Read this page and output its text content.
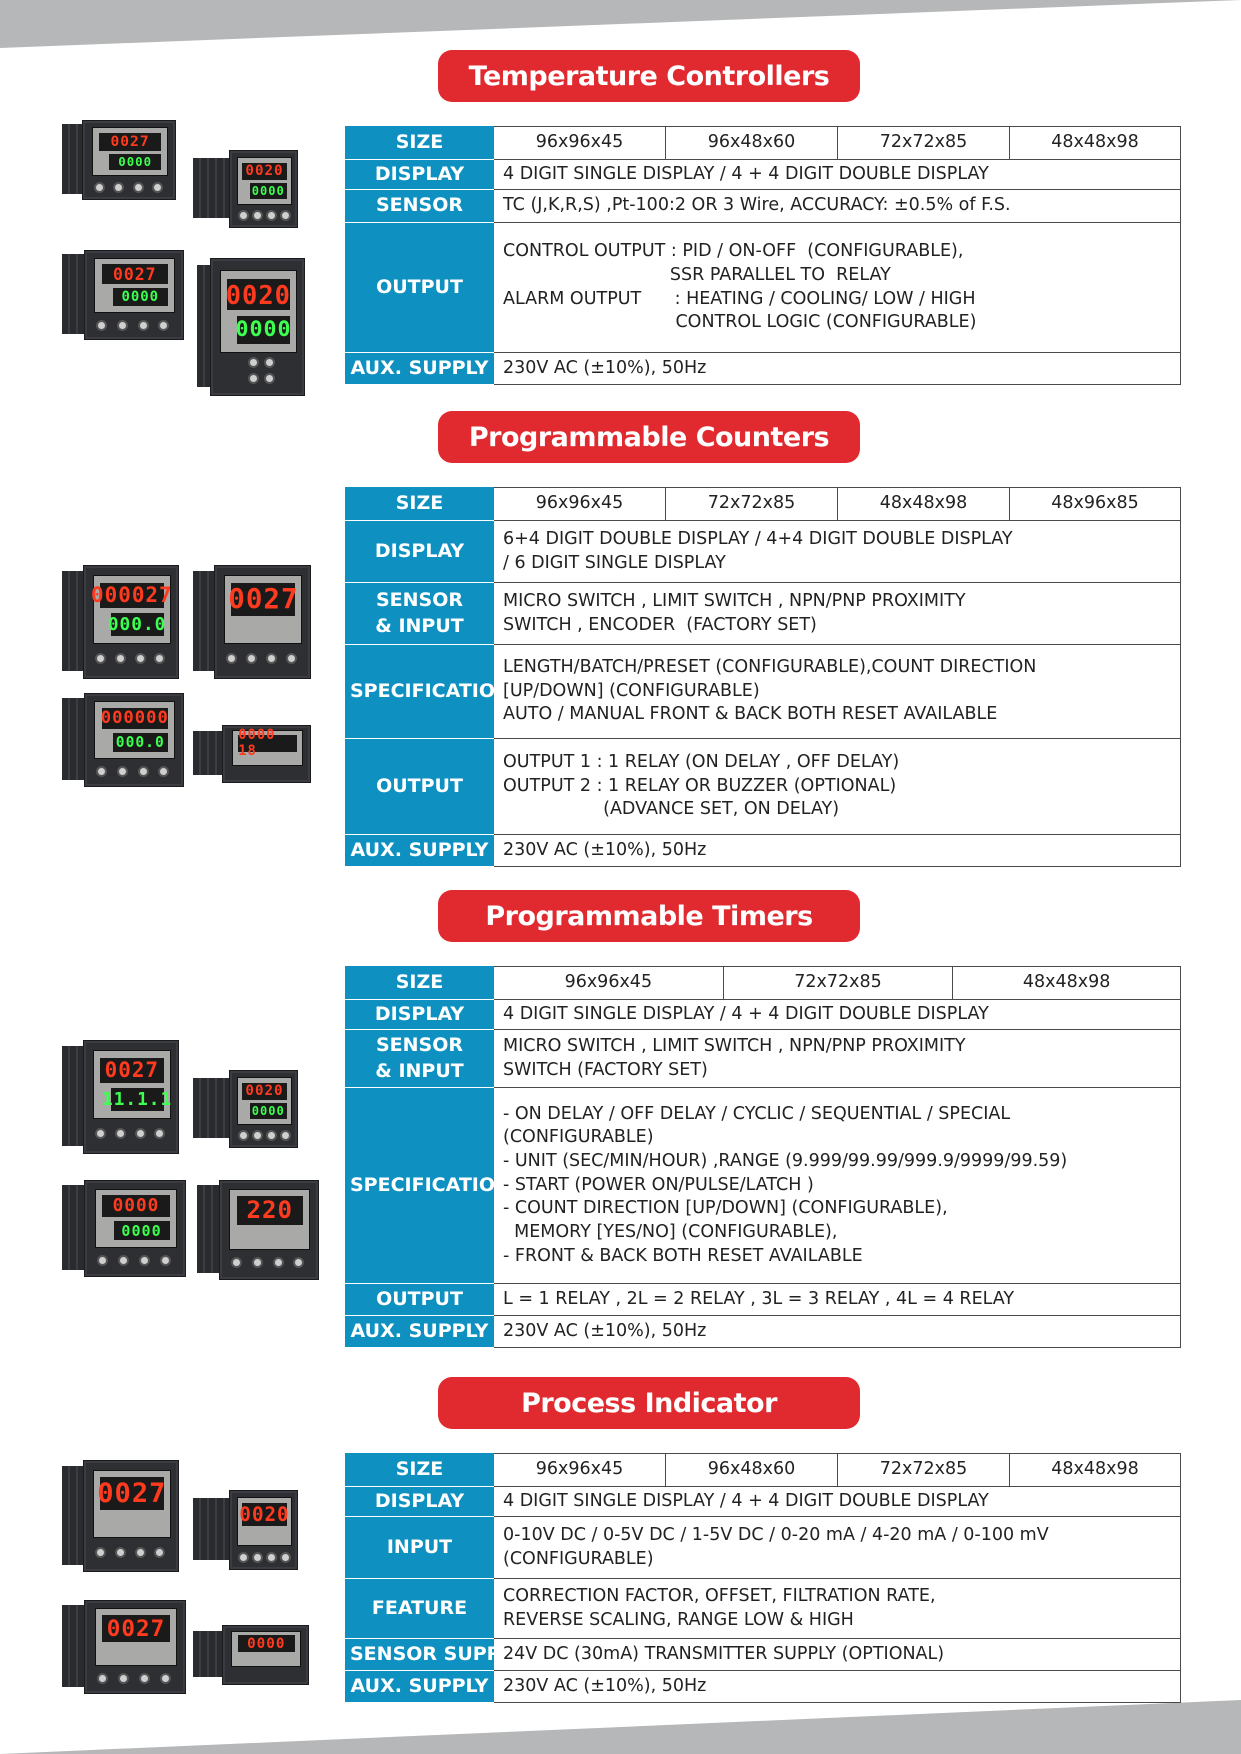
Temperature Controllers
SIZE		96x96x45	96x48x60	72x72x85	48x48x98

DISPLAY	4 DIGIT SINGLE DISPLAY / 4 + 4 DIGIT DOUBLE DISPLAY

SENSOR	TC (J,K,R,S) ,Pt-100:2 OR 3 Wire, ACCURACY: ±0.5% of F.S.

OUTPUT	
CONTROL OUTPUT : PID / ON-OFF  (CONFIGURABLE),
SSR PARALLEL TO  RELAY
ALARM OUTPUT      : HEATING / COOLING/ LOW / HIGH
CONTROL LOGIC (CONFIGURABLE)

AUX. SUPPLY	230V AC (±10%), 50Hz
0027
0000
0020
0000
0027
0000	0020
0000
Programmable Counters
SIZE		96x96x45	72x72x85	48x48x98	48x96x85

DISPLAY	
6+4 DIGIT DOUBLE DISPLAY / 4+4 DIGIT DOUBLE DISPLAY
/ 6 DIGIT SINGLE DISPLAY

SENSOR
& INPUT	
MICRO SWITCH , LIMIT SWITCH , NPN/PNP PROXIMITY
SWITCH , ENCODER  (FACTORY SET)

SPECIFICATION	
LENGTH/BATCH/PRESET (CONFIGURABLE),COUNT DIRECTION
[UP/DOWN] (CONFIGURABLE)
AUTO / MANUAL FRONT & BACK BOTH RESET AVAILABLE

OUTPUT	
OUTPUT 1 : 1 RELAY (ON DELAY , OFF DELAY)
OUTPUT 2 : 1 RELAY OR BUZZER (OPTIONAL)
(ADVANCE SET, ON DELAY)

AUX. SUPPLY	230V AC (±10%), 50Hz
000027
000.0
0027
000000
000.0	0000 18
Programmable Timers
SIZE		96x96x45	72x72x85	48x48x98

DISPLAY	4 DIGIT SINGLE DISPLAY / 4 + 4 DIGIT DOUBLE DISPLAY

SENSOR
& INPUT	
MICRO SWITCH , LIMIT SWITCH , NPN/PNP PROXIMITY
SWITCH (FACTORY SET)

SPECIFICATION	
- ON DELAY / OFF DELAY / CYCLIC / SEQUENTIAL / SPECIAL
(CONFIGURABLE)
- UNIT (SEC/MIN/HOUR) ,RANGE (9.999/99.99/999.9/9999/99.59)
- START (POWER ON/PULSE/LATCH )
- COUNT DIRECTION [UP/DOWN] (CONFIGURABLE),
MEMORY [YES/NO] (CONFIGURABLE),
- FRONT & BACK BOTH RESET AVAILABLE

OUTPUT	L = 1 RELAY , 2L = 2 RELAY , 3L = 3 RELAY , 4L = 4 RELAY

AUX. SUPPLY	230V AC (±10%), 50Hz
0027
11.1.1	0020
0000
0000
0000
220
Process Indicator
SIZE		96x96x45	96x48x60	72x72x85	48x48x98

DISPLAY	4 DIGIT SINGLE DISPLAY / 4 + 4 DIGIT DOUBLE DISPLAY

INPUT	
0-10V DC / 0-5V DC / 1-5V DC / 0-20 mA / 4-20 mA / 0-100 mV
(CONFIGURABLE)

FEATURE	
CORRECTION FACTOR, OFFSET, FILTRATION RATE,
REVERSE SCALING, RANGE LOW & HIGH

SENSOR SUPPLY	
24V DC (30mA) TRANSMITTER SUPPLY (OPTIONAL)

AUX. SUPPLY	230V AC (±10%), 50Hz
0027
0020
0027
0000
